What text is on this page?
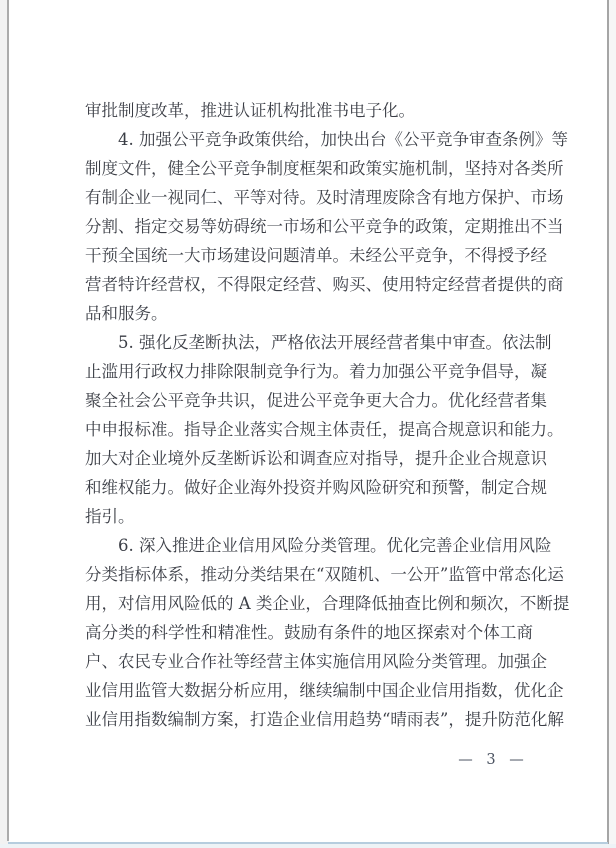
审批制度改革，推进认证机构批准书电子化。
4. 加强公平竞争政策供给，加快出台《公平竞争审查条例》等
制度文件，健全公平竞争制度框架和政策实施机制，坚持对各类所
有制企业一视同仁、平等对待。及时清理废除含有地方保护、市场
分割、指定交易等妨碍统一市场和公平竞争的政策，定期推出不当
干预全国统一大市场建设问题清单。未经公平竞争，不得授予经
营者特许经营权，不得限定经营、购买、使用特定经营者提供的商
品和服务。
5. 强化反垄断执法，严格依法开展经营者集中审查。依法制
止滥用行政权力排除限制竞争行为。着力加强公平竞争倡导，凝
聚全社会公平竞争共识，促进公平竞争更大合力。优化经营者集
中申报标准。指导企业落实合规主体责任，提高合规意识和能力。
加大对企业境外反垄断诉讼和调查应对指导，提升企业合规意识
和维权能力。做好企业海外投资并购风险研究和预警，制定合规
指引。
6. 深入推进企业信用风险分类管理。优化完善企业信用风险
分类指标体系，推动分类结果在“双随机、一公开”监管中常态化运
用，对信用风险低的 A 类企业，合理降低抽查比例和频次，不断提
高分类的科学性和精准性。鼓励有条件的地区探索对个体工商
户、农民专业合作社等经营主体实施信用风险分类管理。加强企
业信用监管大数据分析应用，继续编制中国企业信用指数，优化企
业信用指数编制方案，打造企业信用趋势“晴雨表”，提升防范化解
— 3 —
